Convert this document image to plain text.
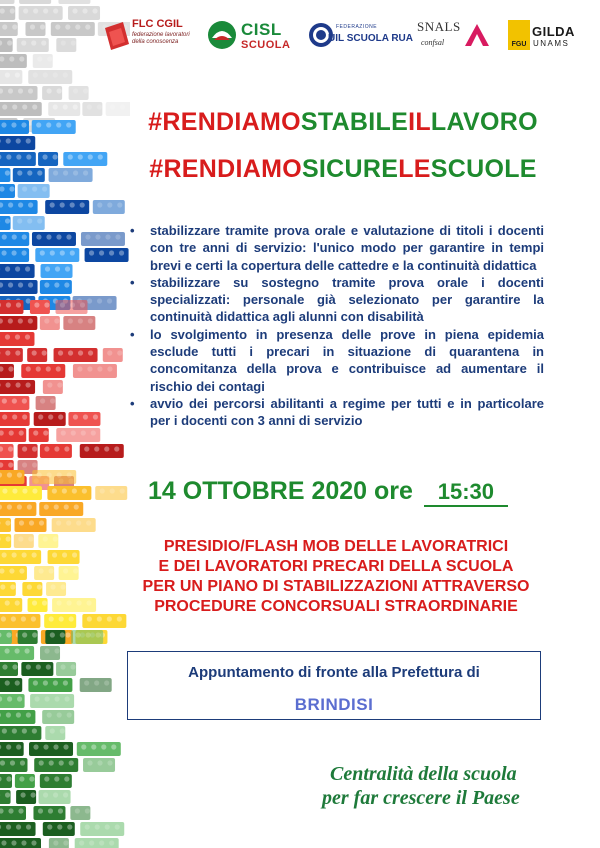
FLC CGIL
federazione lavoratori della conoscenza
CISL
SCUOLA
FEDERAZIONE
UIL SCUOLA RUA
SNALS
confsal	FGU
GILDA
UNAMS
#RENDIAMOSTABILEILLAVORO
#RENDIAMOSICURELESCUOLE
• stabilizzare tramite prova orale e valutazione di titoli i docenti con tre anni di servizio: l'unico modo per garantire in tempi brevi e certi la copertura delle cattedre e la continuità didattica
• stabilizzare su sostegno tramite prova orale i docenti specializzati: personale già selezionato per garantire la continuità didattica agli alunni con disabilità
• lo svolgimento in presenza delle prove in piena epidemia esclude tutti i precari in situazione di quarantena in concomitanza della prova e contribuisce ad aumentare il rischio dei contagi
• avvio dei percorsi abilitanti a regime per tutti e in particolare per i docenti con 3 anni di servizio
14 OTTOBRE 2020 ore 15:30
PRESIDIO/FLASH MOB DELLE LAVORATRICI
E DEI LAVORATORI PRECARI DELLA SCUOLA
PER UN PIANO DI STABILIZZAZIONI ATTRAVERSO
PROCEDURE CONCORSUALI STRAORDINARIE
Appuntamento di fronte alla Prefettura di
BRINDISI
Centralità della scuola
per far crescere il Paese
